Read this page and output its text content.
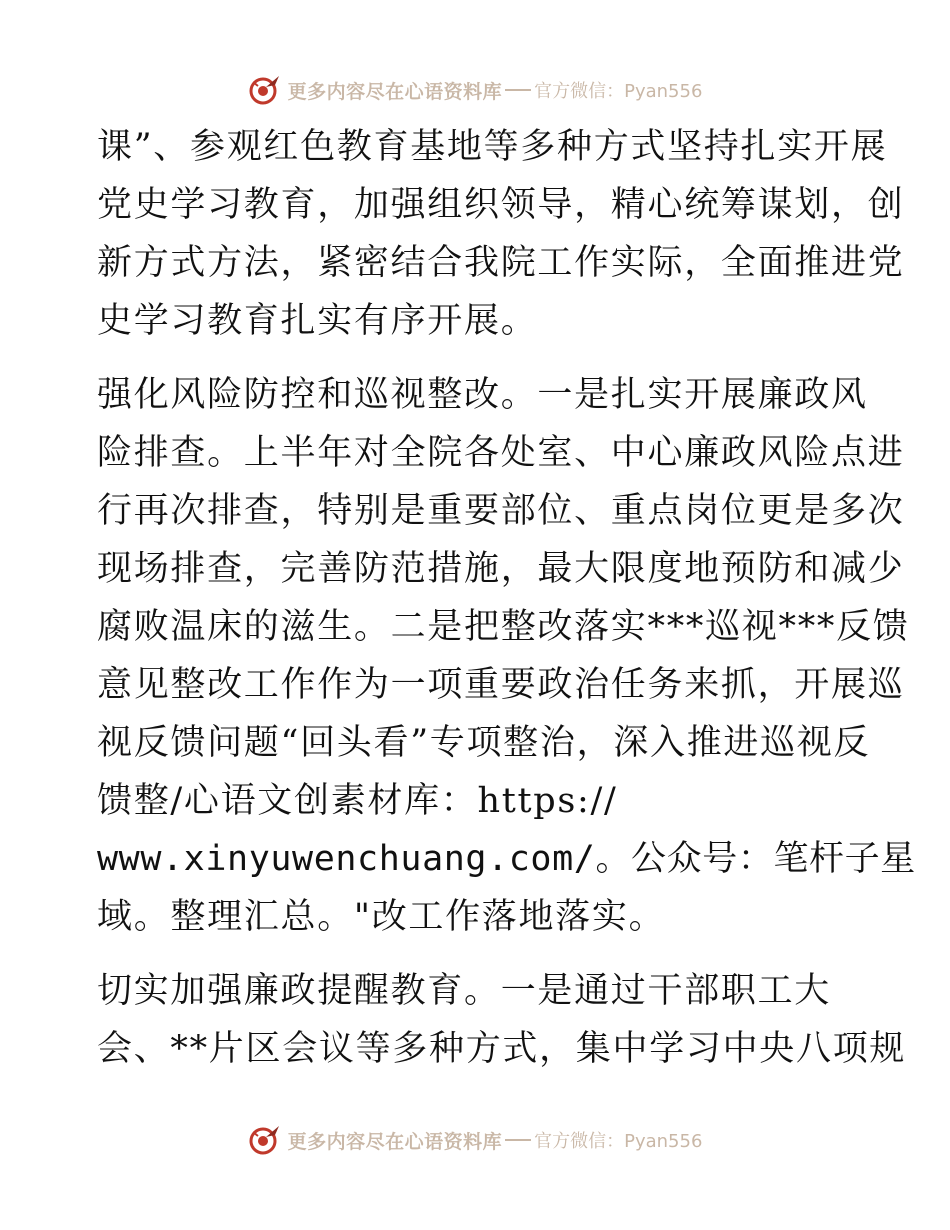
更多内容尽在心语资料库 官方微信：Pyan556
课”、参观红色教育基地等多种方式坚持扎实开展
党史学习教育，加强组织领导，精心统筹谋划，创
新方式方法，紧密结合我院工作实际，全面推进党
史学习教育扎实有序开展。
强化风险防控和巡视整改。一是扎实开展廉政风
险排查。上半年对全院各处室、中心廉政风险点进
行再次排查，特别是重要部位、重点岗位更是多次
现场排查，完善防范措施，最大限度地预防和减少
腐败温床的滋生。二是把整改落实***巡视***反馈
意见整改工作作为一项重要政治任务来抓，开展巡
视反馈问题“回头看”专项整治，深入推进巡视反
馈整/心语文创素材库：https://
www.xinyuwenchuang.com/。公众号：笔杆子星
域。整理汇总。"改工作落地落实。
切实加强廉政提醒教育。一是通过干部职工大
会、**片区会议等多种方式，集中学习中央八项规
更多内容尽在心语资料库 官方微信：Pyan556
